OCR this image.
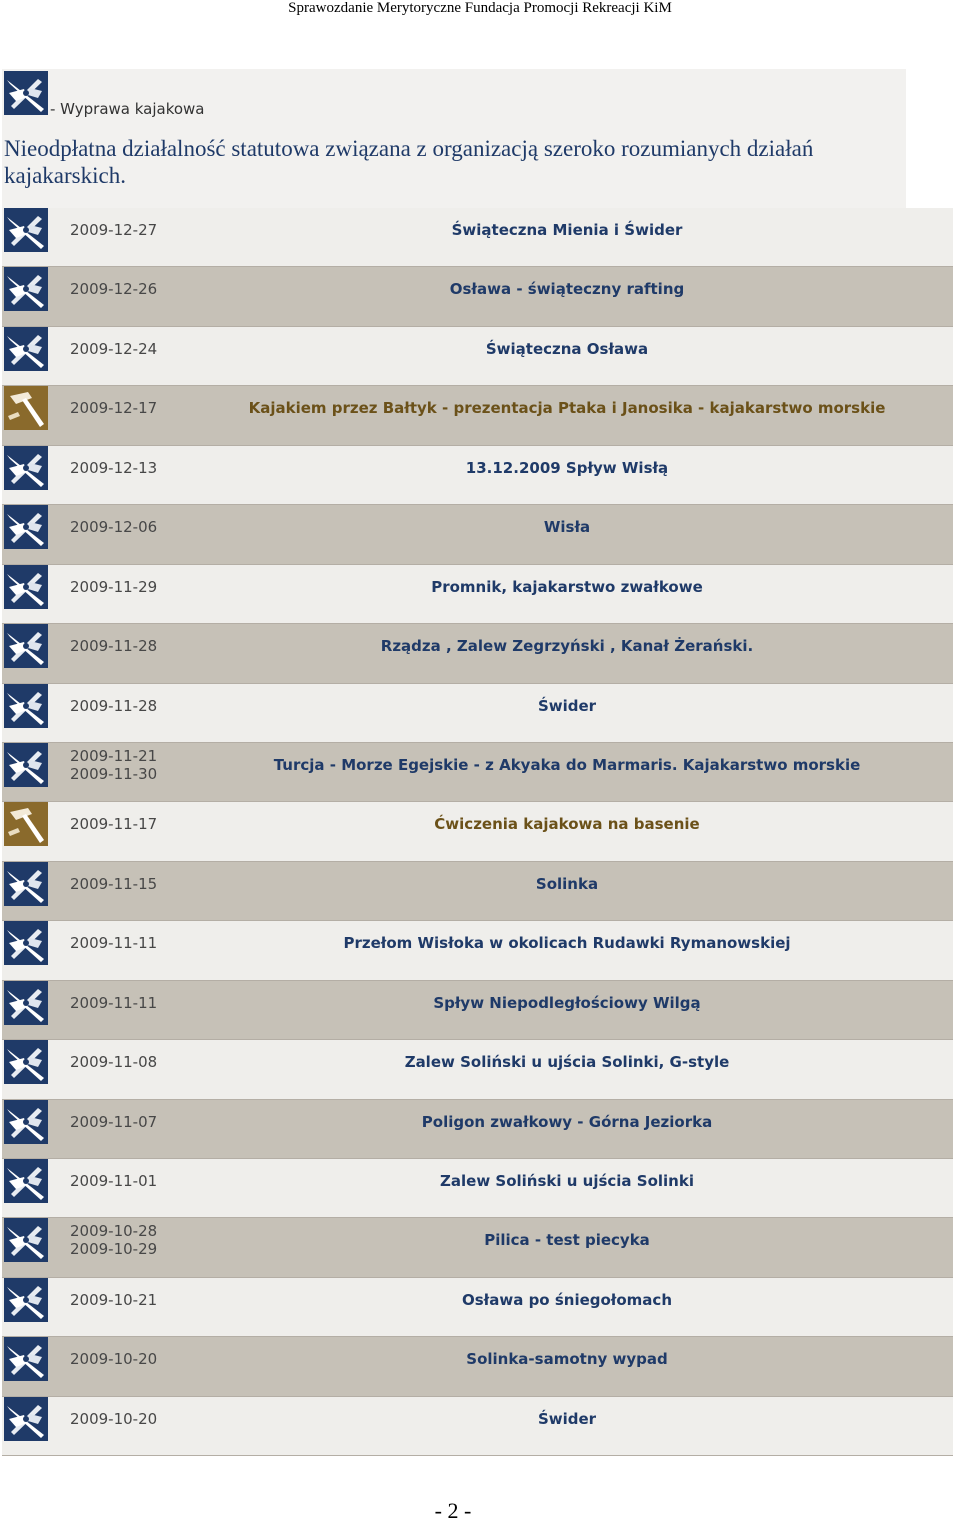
Sprawozdanie Merytoryczne Fundacja Promocji Rekreacji KiM
- Wyprawa kajakowa
Nieodpłatna działalność statutowa związana z organizacją szeroko rozumianych działań kajakarskich.
2009-12-27	Świąteczna Mienia i Świder
2009-12-26	Osława - świąteczny rafting
2009-12-24	Świąteczna Osława
2009-12-17	Kajakiem przez Bałtyk - prezentacja Ptaka i Janosika - kajakarstwo morskie
2009-12-13	13.12.2009 Spływ Wisłą
2009-12-06	Wisła
2009-11-29	Promnik, kajakarstwo zwałkowe
2009-11-28	Rządza , Zalew Zegrzyński , Kanał Żerański.
2009-11-28	Świder
2009-11-21
2009-11-30	Turcja - Morze Egejskie - z Akyaka do Marmaris. Kajakarstwo morskie
2009-11-17	Ćwiczenia kajakowa na basenie
2009-11-15	Solinka
2009-11-11	Przełom Wisłoka w okolicach Rudawki Rymanowskiej
2009-11-11	Spływ Niepodległościowy Wilgą
2009-11-08	Zalew Soliński u ujścia Solinki, G-style
2009-11-07	Poligon zwałkowy - Górna Jeziorka
2009-11-01	Zalew Soliński u ujścia Solinki
2009-10-28
2009-10-29	Pilica - test piecyka
2009-10-21	Osława po śniegołomach
2009-10-20	Solinka-samotny wypad
2009-10-20	Świder
- 2 -
